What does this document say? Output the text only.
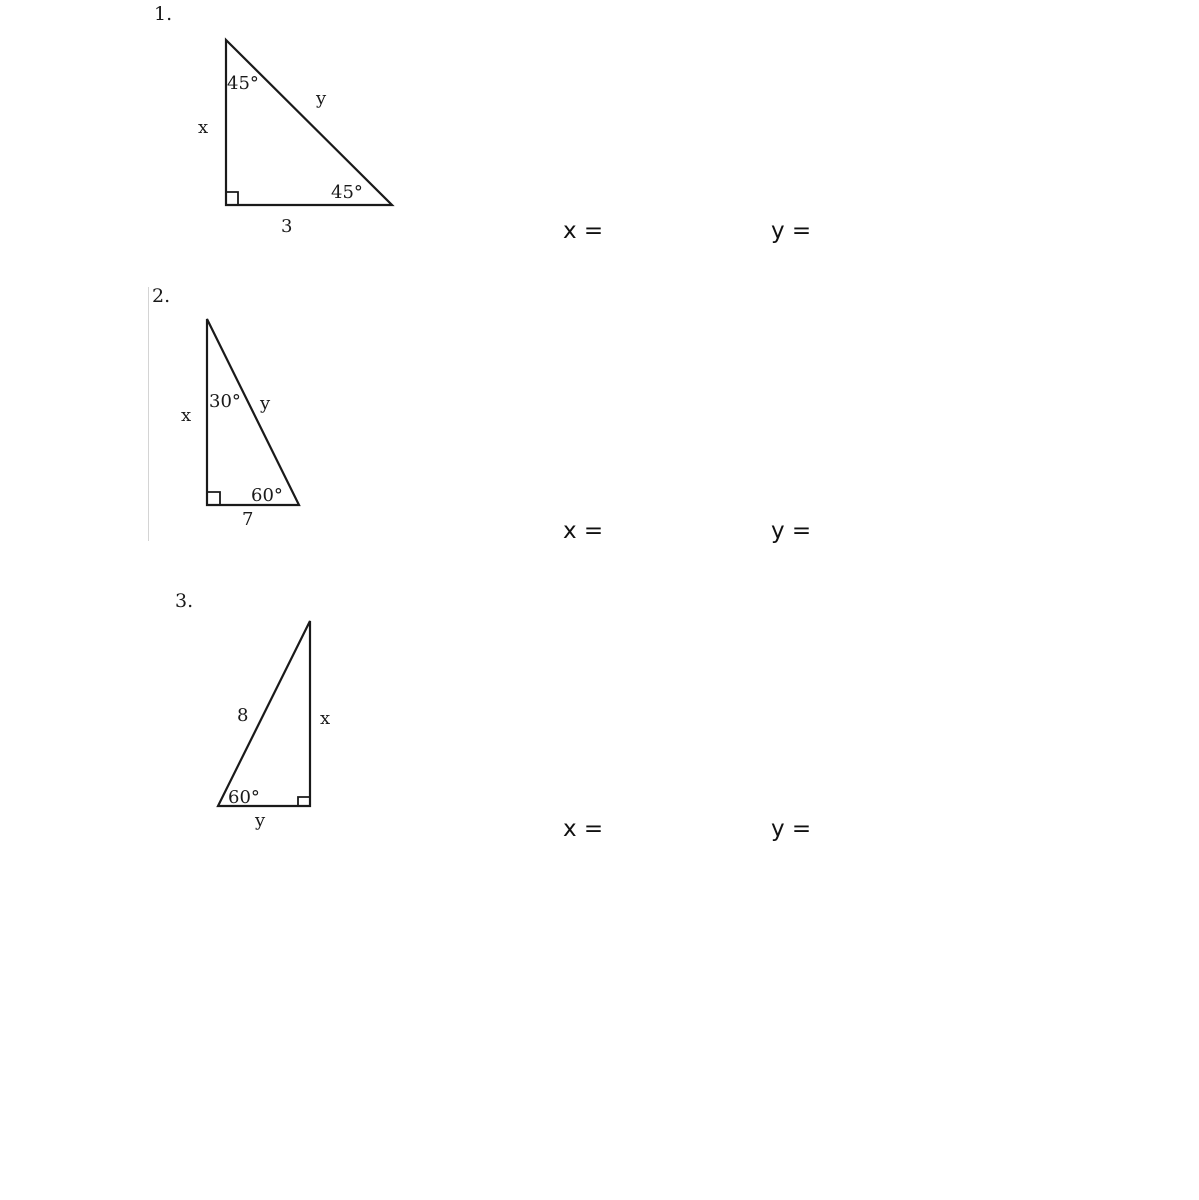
1.
45°
45°
x
y
3	x =	y =
2.
30°
60°
x
y
7	x =	y =
3.
60°
8	x
y	x =	y =
